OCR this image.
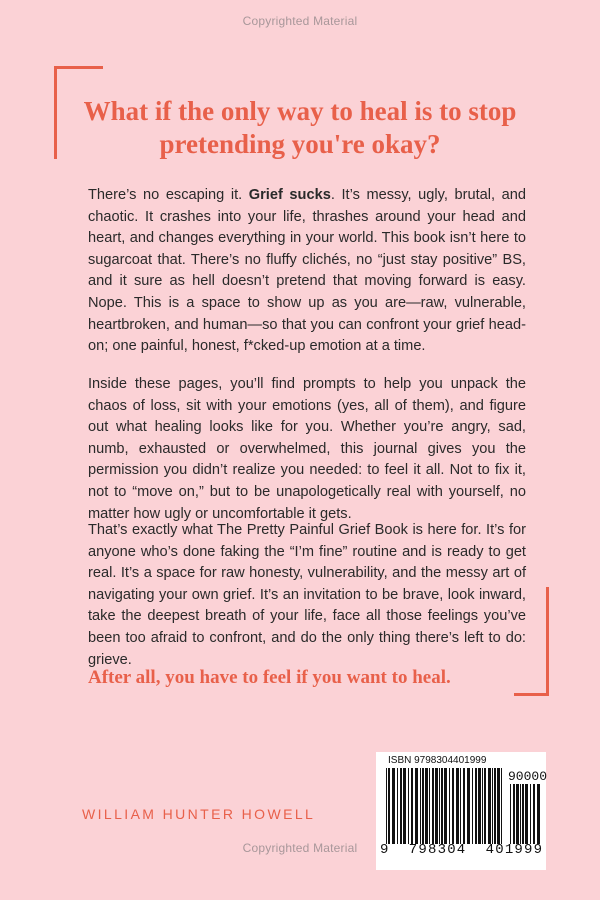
Copyrighted Material
What if the only way to heal is to stop pretending you're okay?

There’s no escaping it. Grief sucks. It’s messy, ugly, brutal, and chaotic. It crashes into your life, thrashes around your head and heart, and changes everything in your world. This book isn’t here to sugarcoat that. There’s no fluffy clichés, no “just stay positive” BS, and it sure as hell doesn’t pretend that moving forward is easy. Nope. This is a space to show up as you are—raw, vulnerable, heartbroken, and human—so that you can confront your grief head-on; one painful, honest, f*cked-up emotion at a time.

Inside these pages, you’ll find prompts to help you unpack the chaos of loss, sit with your emotions (yes, all of them), and figure out what healing looks like for you. Whether you’re angry, sad, numb, exhausted or overwhelmed, this journal gives you the permission you didn’t realize you needed: to feel it all. Not to fix it, not to “move on,” but to be unapologetically real with yourself, no matter how ugly or uncomfortable it gets.

That’s exactly what The Pretty Painful Grief Book is here for. It’s for anyone who’s done faking the “I’m fine” routine and is ready to get real. It’s a space for raw honesty, vulnerability, and the messy art of navigating your own grief. It’s an invitation to be brave, look inward, take the deepest breath of your life, face all those feelings you’ve been too afraid to confront, and do the only thing there’s left to do: grieve.

After all, you have to feel if you want to heal.
WILLIAM HUNTER HOWELL
ISBN 9798304401999
90000
9  798304  401999
Copyrighted Material
